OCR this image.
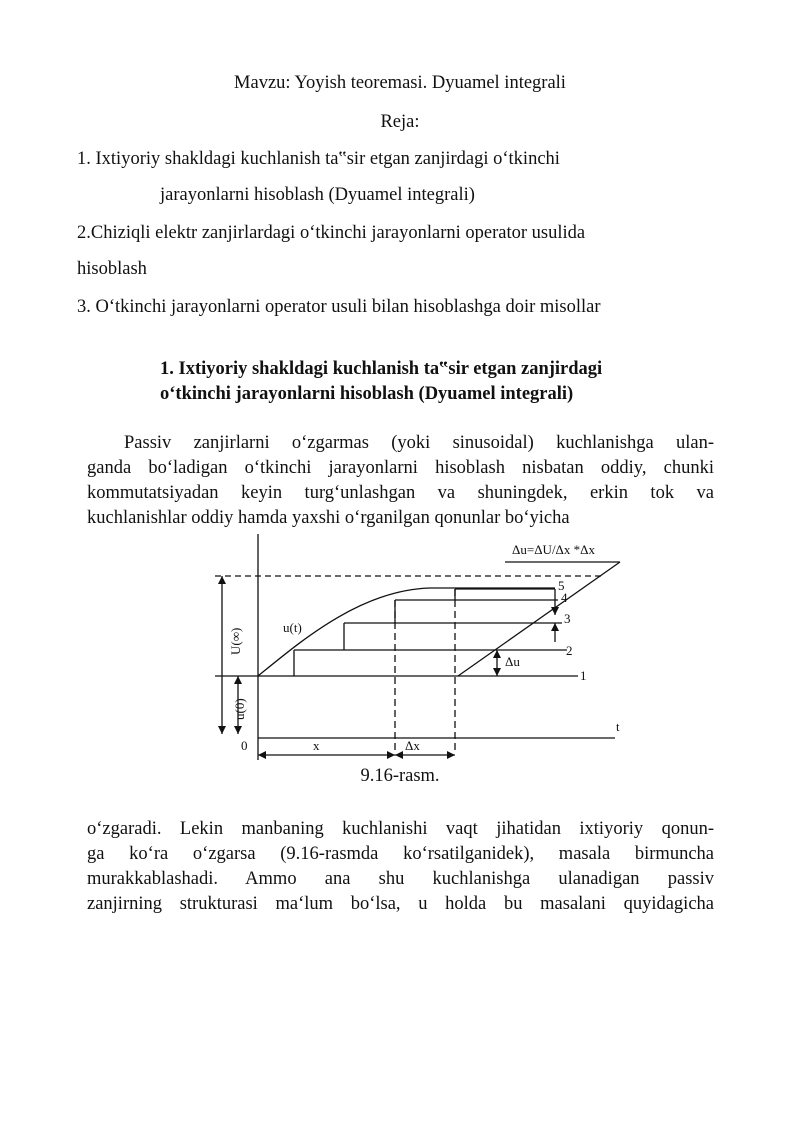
Mavzu: Yoyish teoremasi. Dyuamel integrali
Reja:
1. Ixtiyoriy shakldagi kuchlanish ta‟sir etgan zanjirdagi o‘tkinchi
jarayonlarni hisoblash (Dyuamel integrali)
2.Chiziqli elektr zanjirlardagi o‘tkinchi jarayonlarni operator usulida
hisoblash
3. O‘tkinchi jarayonlarni operator usuli bilan hisoblashga doir misollar
1. Ixtiyoriy shakldagi kuchlanish ta‟sir etgan zanjirdagi
o‘tkinchi jarayonlarni hisoblash (Dyuamel integrali)
Passiv zanjirlarni o‘zgarmas (yoki sinusoidal) kuchlanishga ulan-
ganda bo‘ladigan o‘tkinchi jarayonlarni hisoblash nisbatan oddiy, chunki
kommutatsiyadan keyin turg‘unlashgan va shuningdek, erkin tok va
kuchlanishlar oddiy hamda yaxshi o‘rganilgan qonunlar bo‘yicha
Δu=ΔU/Δx *Δx
u(t)
U(∞)
u(0)
Δu
0
t
x	Δx
1
2
3
4
5
9.16-rasm.
o‘zgaradi. Lekin manbaning kuchlanishi vaqt jihatidan ixtiyoriy qonun-
ga ko‘ra o‘zgarsa (9.16-rasmda ko‘rsatilganidek), masala birmuncha
murakkablashadi. Ammo ana shu kuchlanishga ulanadigan passiv
zanjirning strukturasi ma‘lum bo‘lsa, u holda bu masalani quyidagicha
